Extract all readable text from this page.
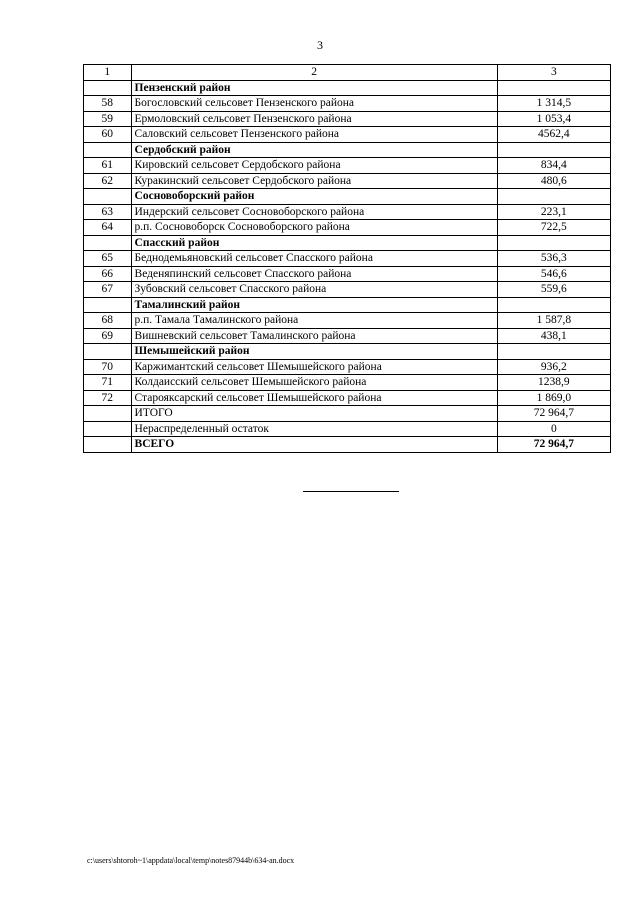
3
1	2	3
	Пензенский район	
58	Богословский сельсовет Пензенского района	1 314,5
59	Ермоловский сельсовет Пензенского района	1 053,4
60	Саловский сельсовет Пензенского района	4562,4
	Сердобский район	
61	Кировский сельсовет Сердобского района	834,4
62	Куракинский сельсовет Сердобского района	480,6
	Сосновоборский район	
63	Индерский сельсовет Сосновоборского района	223,1
64	р.п. Сосновоборск Сосновоборского района	722,5
	Спасский район	
65	Беднодемьяновский сельсовет Спасского района	536,3
66	Веденяпинский сельсовет Спасского района	546,6
67	Зубовский сельсовет Спасского района	559,6
	Тамалинский район	
68	р.п. Тамала Тамалинского района	1 587,8
69	Вишневский сельсовет Тамалинского района	438,1
	Шемышейский район	
70	Каржимантский сельсовет Шемышейского района	936,2
71	Колдаисский сельсовет Шемышейского района	1238,9
72	Старояксарский сельсовет Шемышейского района	1 869,0
	ИТОГО	72 964,7
	Нераспределенный остаток	0
	ВСЕГО	72 964,7
c:\users\shtoroh~1\appdata\local\temp\notes87944b\634-an.docx
